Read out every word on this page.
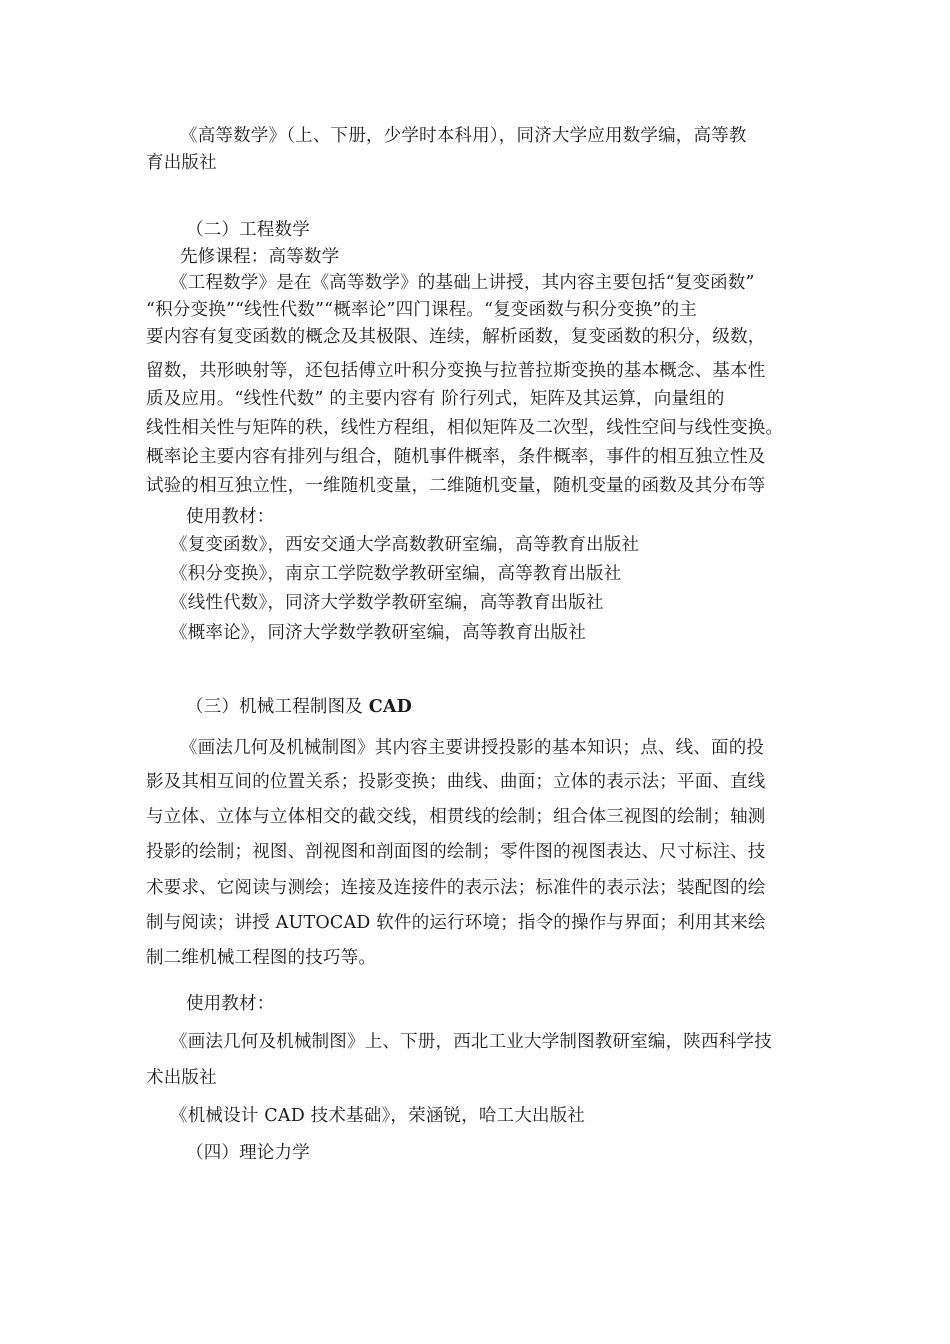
《高等数学》（上、下册，少学时本科用），同济大学应用数学编，高等教
育出版社
（二）工程数学
先修课程：高等数学
《工程数学》是在《高等数学》的基础上讲授，其内容主要包括“复变函数”
“积分变换”“线性代数”“概率论”四门课程。“复变函数与积分变换”的主
要内容有复变函数的概念及其极限、连续，解析函数，复变函数的积分，级数，
留数，共形映射等，还包括傅立叶积分变换与拉普拉斯变换的基本概念、基本性
质及应用。“线性代数” 的主要内容有 阶行列式，矩阵及其运算，向量组的
线性相关性与矩阵的秩，线性方程组，相似矩阵及二次型，线性空间与线性变换。
概率论主要内容有排列与组合，随机事件概率，条件概率，事件的相互独立性及
试验的相互独立性，一维随机变量，二维随机变量，随机变量的函数及其分布等
使用教材：
《复变函数》，西安交通大学高数教研室编，高等教育出版社
《积分变换》，南京工学院数学教研室编，高等教育出版社
《线性代数》，同济大学数学教研室编，高等教育出版社
《概率论》，同济大学数学教研室编，高等教育出版社
（三）机械工程制图及 CAD
《画法几何及机械制图》其内容主要讲授投影的基本知识；点、线、面的投
影及其相互间的位置关系；投影变换；曲线、曲面；立体的表示法；平面、直线
与立体、立体与立体相交的截交线，相贯线的绘制；组合体三视图的绘制；轴测
投影的绘制；视图、剖视图和剖面图的绘制；零件图的视图表达、尺寸标注、技
术要求、它阅读与测绘；连接及连接件的表示法；标准件的表示法；装配图的绘
制与阅读；讲授 AUTOCAD 软件的运行环境；指令的操作与界面；利用其来绘
制二维机械工程图的技巧等。
使用教材：
《画法几何及机械制图》上、下册，西北工业大学制图教研室编，陕西科学技
术出版社
《机械设计 CAD 技术基础》，荣涵锐，哈工大出版社
（四）理论力学
